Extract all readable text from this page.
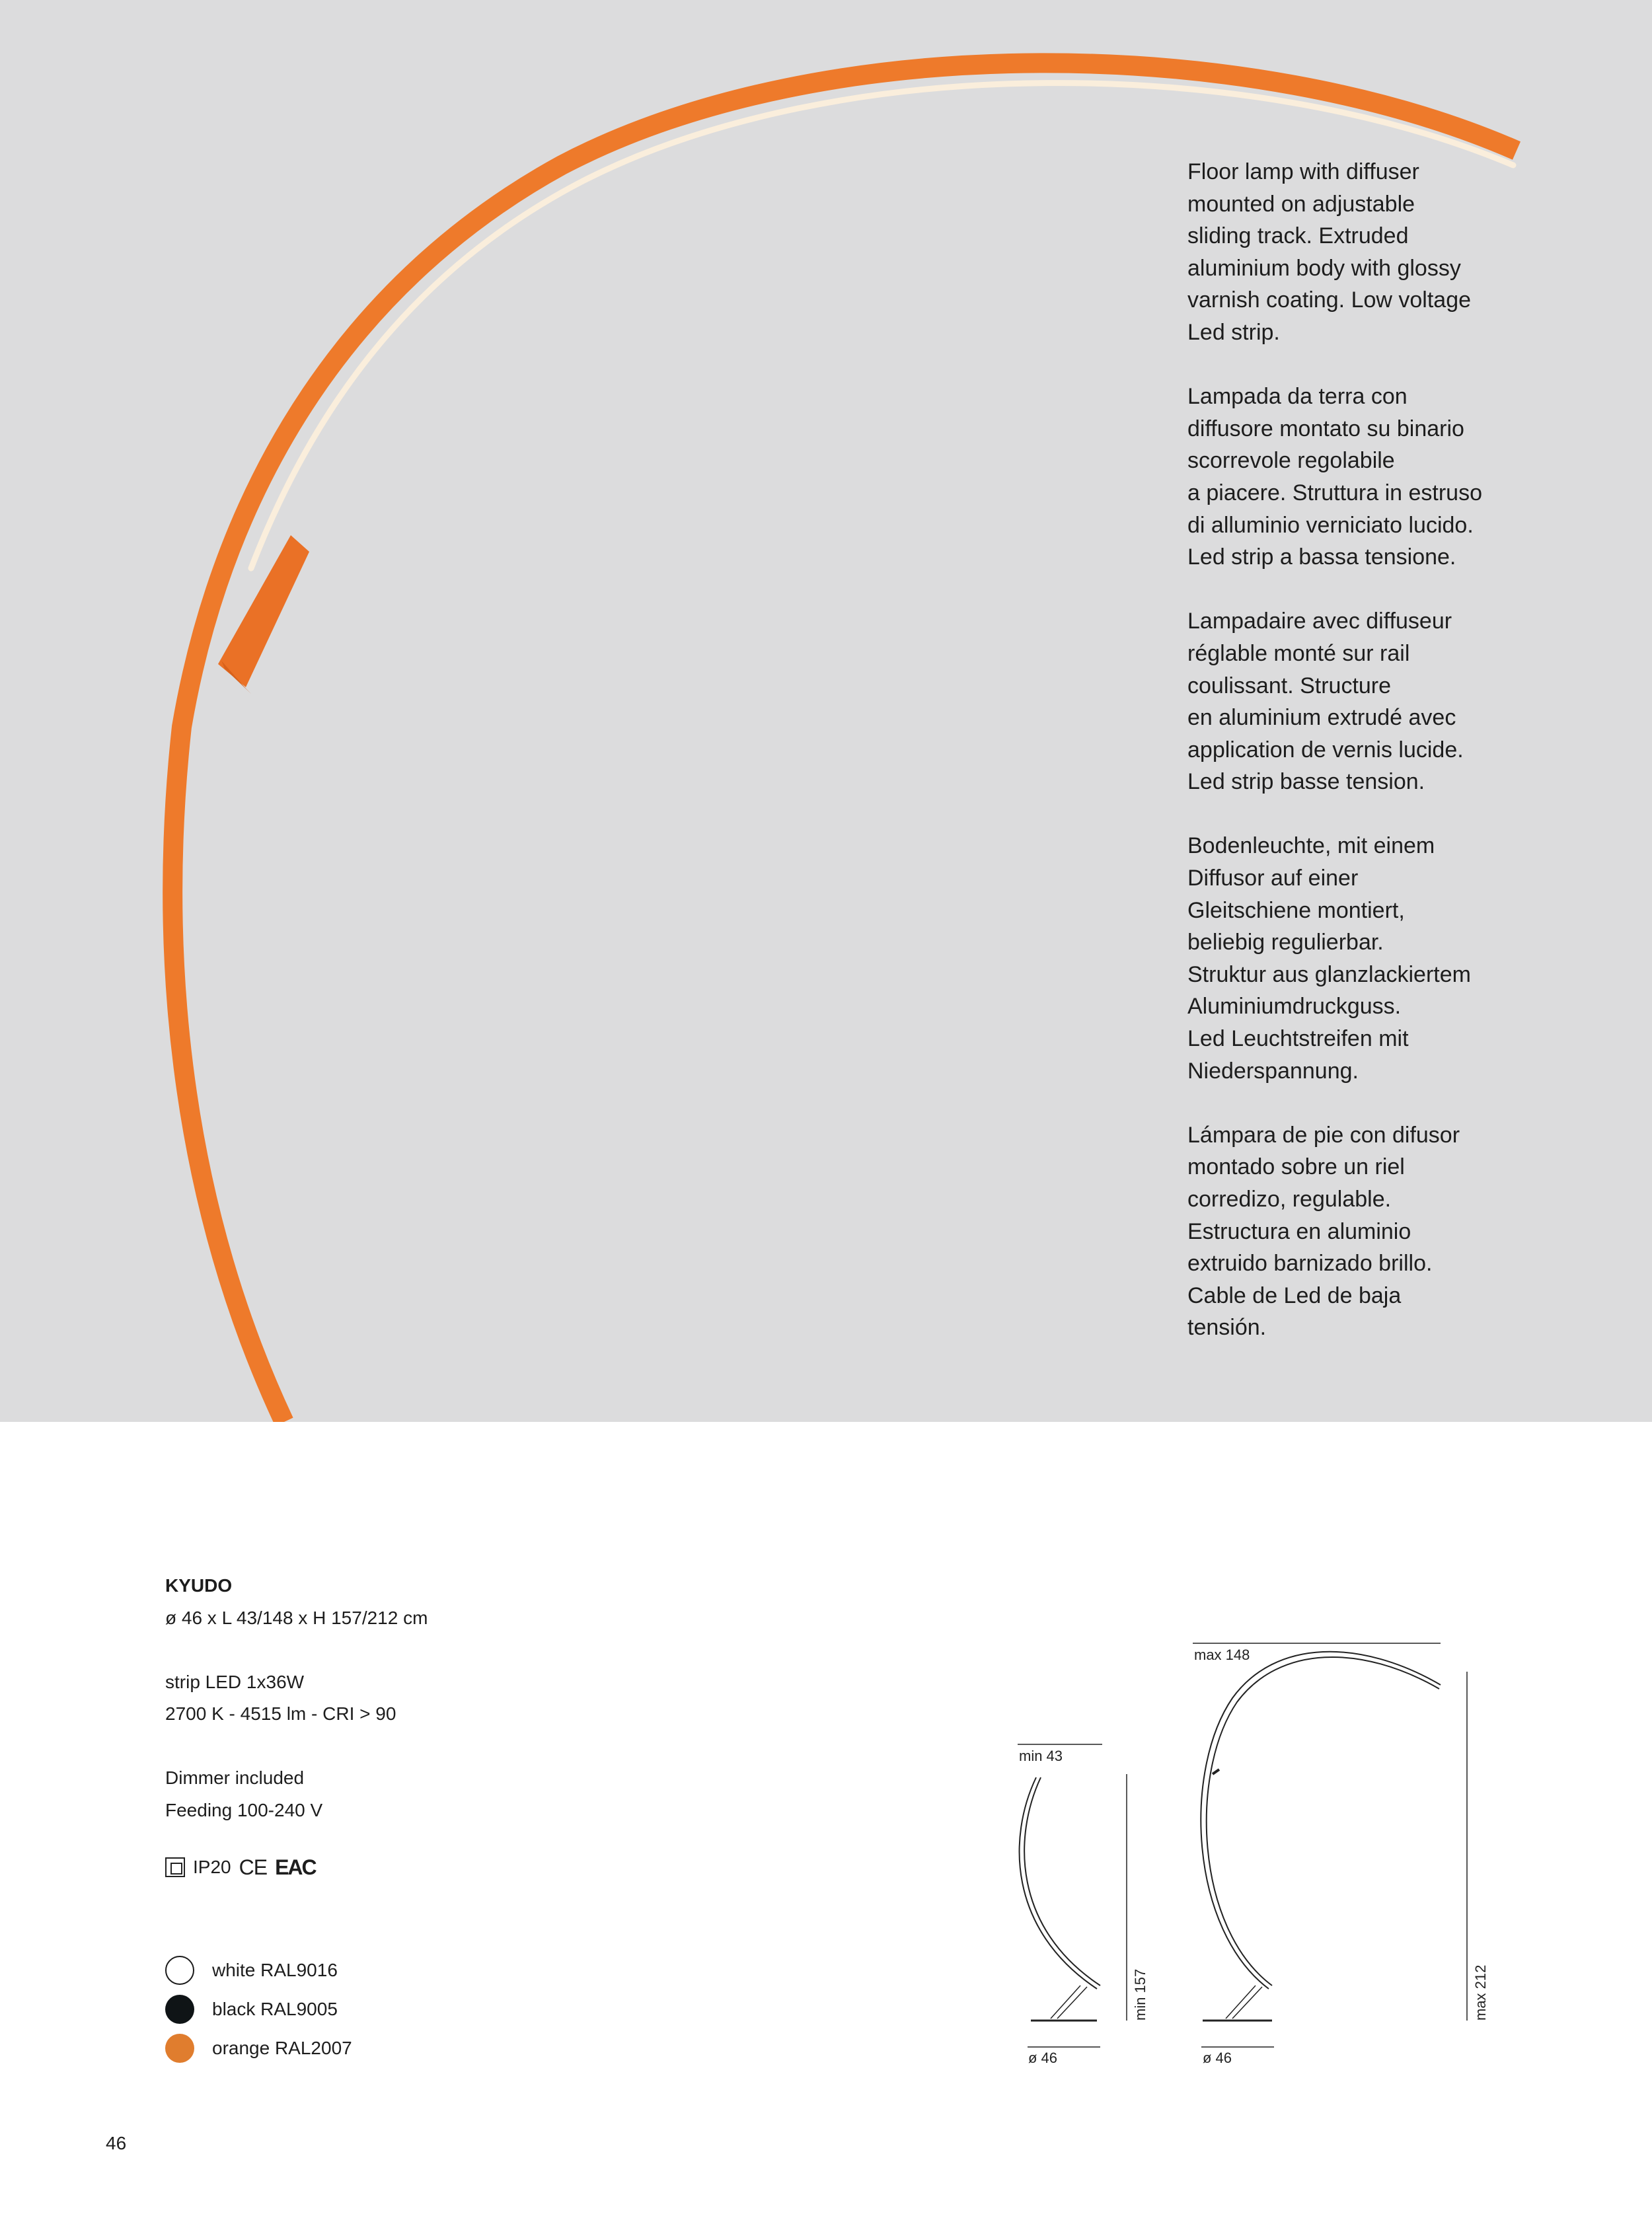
Floor lamp with diffuser
mounted on adjustable
sliding track. Extruded
aluminium body with glossy
varnish coating. Low voltage
Led strip.

Lampada da terra con
diffusore montato su binario
scorrevole regolabile
a piacere. Struttura in estruso
di alluminio verniciato lucido.
Led strip a bassa tensione.

Lampadaire avec diffuseur
réglable monté sur rail
coulissant. Structure
en aluminium extrudé avec
application de vernis lucide.
Led strip basse tension.

Bodenleuchte, mit einem
Diffusor auf einer
Gleitschiene montiert,
beliebig regulierbar.
Struktur aus glanzlackiertem
Aluminiumdruckguss.
Led Leuchtstreifen mit
Niederspannung.

Lámpara de pie con difusor
montado sobre un riel
corredizo, regulable.
Estructura en aluminio
extruido barnizado brillo.
Cable de Led de baja
tensión.

KYUDO
ø 46 x L 43/148 x H 157/212 cm
strip LED 1x36W
2700 K - 4515 lm - CRI > 90
Dimmer included
Feeding 100-240 V
IP20 CE EAC
white RAL9016
black RAL9005
orange RAL2007
min 43
ø 46
min 157
max 148
ø 46
max 212
46
